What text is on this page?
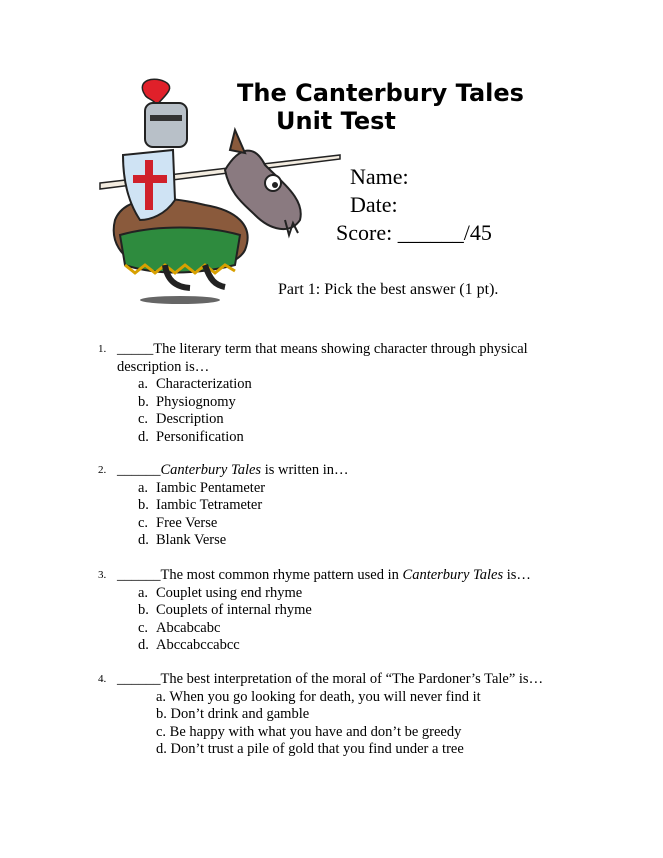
The Canterbury Tales
Unit Test
Name:
Date:
Score: ______/45
Part 1: Pick the best answer (1 pt).
1. _____The literary term that means showing character through physical description is…
a. Characterization
b. Physiognomy
c. Description
d. Personification
2. ______Canterbury Tales is written in…
a. Iambic Pentameter
b. Iambic Tetrameter
c. Free Verse
d. Blank Verse
3. ______The most common rhyme pattern used in Canterbury Tales is…
a. Couplet using end rhyme
b. Couplets of internal rhyme
c. Abcabcabc
d. Abccabccabcc
4. ______The best interpretation of the moral of “The Pardoner’s Tale” is…
a. When you go looking for death, you will never find it
b. Don’t drink and gamble
c. Be happy with what you have and don’t be greedy
d. Don’t trust a pile of gold that you find under a tree
